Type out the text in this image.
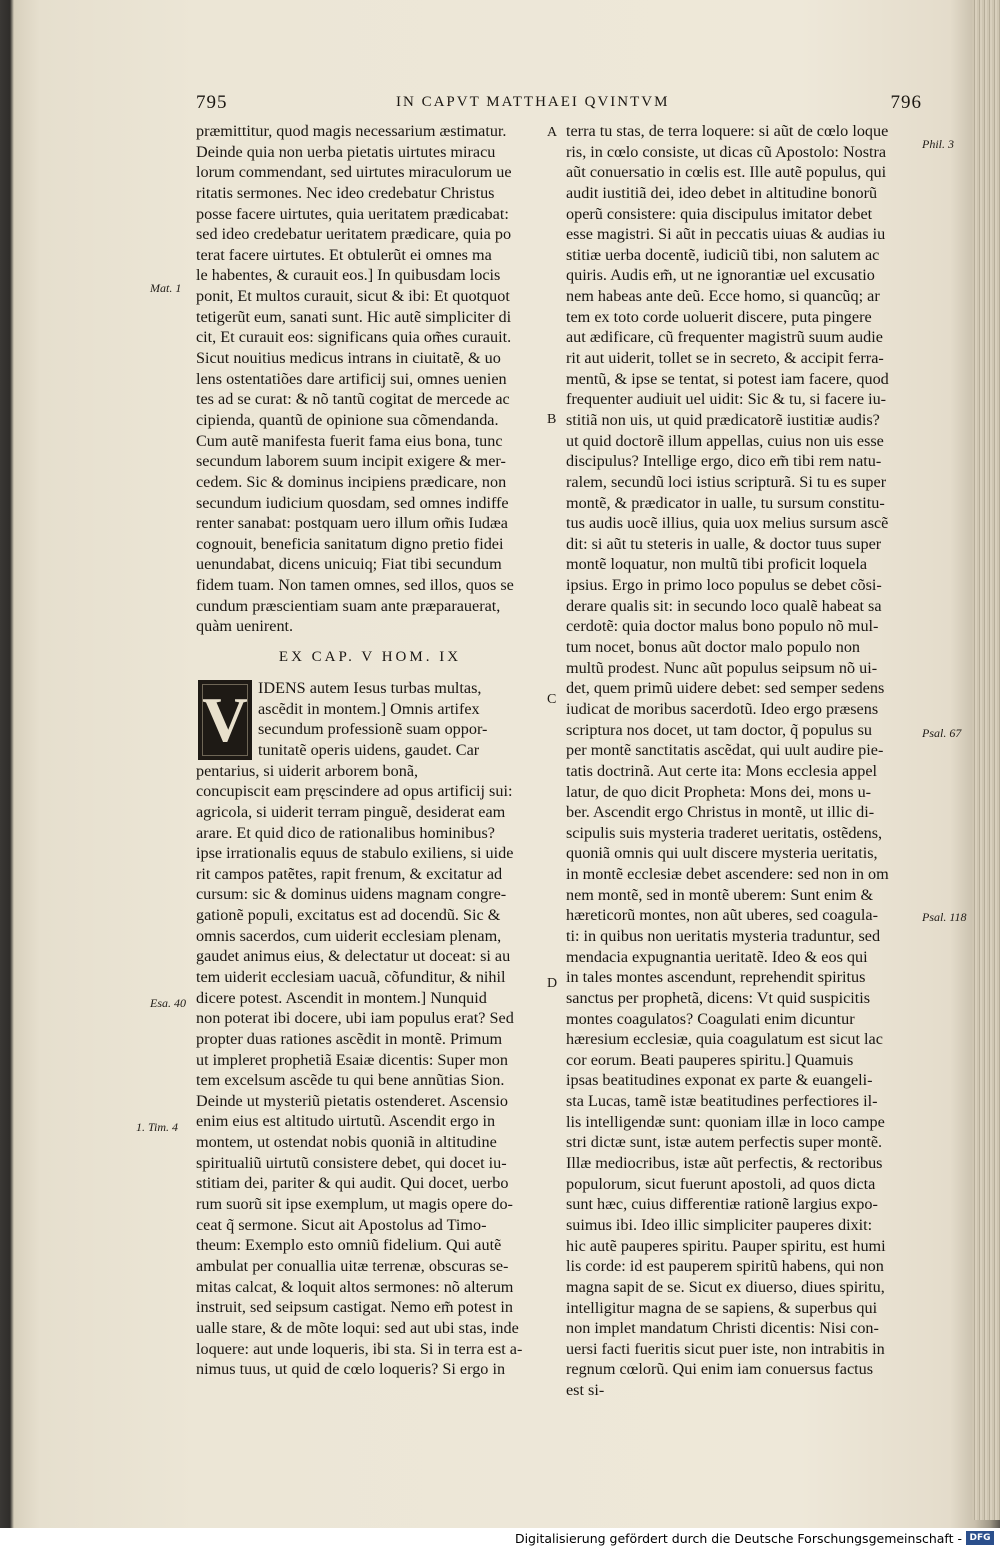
795	IN CAPVT MATTHAEI QVINTVM	796
præmittitur, quod magis necessarium æstimatur.
Deinde quia non uerba pietatis uirtutes miracu
lorum commendant, sed uirtutes miraculorum ue
ritatis sermones. Nec ideo credebatur Christus
posse facere uirtutes, quia ueritatem prædicabat:
sed ideo credebatur ueritatem prædicare, quia po
terat facere uirtutes. Et obtulerũt ei omnes ma
le habentes, & curauit eos.] In quibusdam locis
ponit, Et multos curauit, sicut & ibi: Et quotquot
tetigerũt eum, sanati sunt. Hic autẽ simpliciter di
cit, Et curauit eos: significans quia om̃es curauit.
Sicut nouitius medicus intrans in ciuitatẽ, & uo
lens ostentatiões dare artificij sui, omnes uenien
tes ad se curat: & nõ tantũ cogitat de mercede ac
cipienda, quantũ de opinione sua cõmendanda.
Cum autẽ manifesta fuerit fama eius bona, tunc
secundum laborem suum incipit exigere & mer-
cedem. Sic & dominus incipiens prædicare, non
secundum iudicium quosdam, sed omnes indiffe
renter sanabat: postquam uero illum om̃is Iudæa
cognouit, beneficia sanitatum digno pretio fidei
uenundabat, dicens unicuiq; Fiat tibi secundum
fidem tuam. Non tamen omnes, sed illos, quos se
cundum præscientiam suam ante præparauerat,
quàm uenirent.
EX CAP. V HOM. IX
V IDENS autem Iesus turbas multas,
ascẽdit in montem.] Omnis artifex
secundum professionẽ suam oppor-
tunitatẽ operis uidens, gaudet. Car
pentarius, si uiderit arborem bonã,
concupiscit eam pręscindere ad opus artificij sui:
agricola, si uiderit terram pinguẽ, desiderat eam
arare. Et quid dico de rationalibus hominibus?
ipse irrationalis equus de stabulo exiliens, si uide
rit campos patẽtes, rapit frenum, & excitatur ad
cursum: sic & dominus uidens magnam congre-
gationẽ populi, excitatus est ad docendũ. Sic &
omnis sacerdos, cum uiderit ecclesiam plenam,
gaudet animus eius, & delectatur ut doceat: si au
tem uiderit ecclesiam uacuã, cõfunditur, & nihil
dicere potest. Ascendit in montem.] Nunquid
non poterat ibi docere, ubi iam populus erat? Sed
propter duas rationes ascẽdit in montẽ. Primum
ut impleret prophetiã Esaiæ dicentis: Super mon
tem excelsum ascẽde tu qui bene annũtias Sion.
Deinde ut mysteriũ pietatis ostenderet. Ascensio
enim eius est altitudo uirtutũ. Ascendit ergo in
montem, ut ostendat nobis quoniã in altitudine
spiritualiũ uirtutũ consistere debet, qui docet iu-
stitiam dei, pariter & qui audit. Qui docet, uerbo
rum suorũ sit ipse exemplum, ut magis opere do-
ceat q̃ sermone. Sicut ait Apostolus ad Timo-
theum: Exemplo esto omniũ fidelium. Qui autẽ
ambulat per conuallia uitæ terrenæ, obscuras se-
mitas calcat, & loquit altos sermones: nõ alterum
instruit, sed seipsum castigat. Nemo em̃ potest in
ualle stare, & de mõte loqui: sed aut ubi stas, inde
loquere: aut unde loqueris, ibi sta. Si in terra est a-
nimus tuus, ut quid de cœlo loqueris? Si ergo in
terra tu stas, de terra loquere: si aũt de cœlo loque
ris, in cœlo consiste, ut dicas cũ Apostolo: Nostra
aũt conuersatio in cœlis est. Ille autẽ populus, qui
audit iustitiã dei, ideo debet in altitudine bonorũ
operũ consistere: quia discipulus imitator debet
esse magistri. Si aũt in peccatis uiuas & audias iu
stitiæ uerba docentẽ, iudiciũ tibi, non salutem ac
quiris. Audis em̃, ut ne ignorantiæ uel excusatio
nem habeas ante deũ. Ecce homo, si quancũq; ar
tem ex toto corde uoluerit discere, puta pingere
aut ædificare, cũ frequenter magistrũ suum audie
rit aut uiderit, tollet se in secreto, & accipit ferra-
mentũ, & ipse se tentat, si potest iam facere, quod
frequenter audiuit uel uidit: Sic & tu, si facere iu-
stitiã non uis, ut quid prædicatorẽ iustitiæ audis?
ut quid doctorẽ illum appellas, cuius non uis esse
discipulus? Intellige ergo, dico em̃ tibi rem natu-
ralem, secundũ loci istius scripturã. Si tu es super
montẽ, & prædicator in ualle, tu sursum constitu-
tus audis uocẽ illius, quia uox melius sursum ascẽ
dit: si aũt tu steteris in ualle, & doctor tuus super
montẽ loquatur, non multũ tibi proficit loquela
ipsius. Ergo in primo loco populus se debet cõsi-
derare qualis sit: in secundo loco qualẽ habeat sa
cerdotẽ: quia doctor malus bono populo nõ mul-
tum nocet, bonus aũt doctor malo populo non
multũ prodest. Nunc aũt populus seipsum nõ ui-
det, quem primũ uidere debet: sed semper sedens
iudicat de moribus sacerdotũ. Ideo ergo præsens
scriptura nos docet, ut tam doctor, q̃ populus su
per montẽ sanctitatis ascẽdat, qui uult audire pie-
tatis doctrinã. Aut certe ita: Mons ecclesia appel
latur, de quo dicit Propheta: Mons dei, mons u-
ber. Ascendit ergo Christus in montẽ, ut illic di-
scipulis suis mysteria traderet ueritatis, ostẽdens,
quoniã omnis qui uult discere mysteria ueritatis,
in montẽ ecclesiæ debet ascendere: sed non in om
nem montẽ, sed in montẽ uberem: Sunt enim &
hæreticorũ montes, non aũt uberes, sed coagula-
ti: in quibus non ueritatis mysteria traduntur, sed
mendacia expugnantia ueritatẽ. Ideo & eos qui
in tales montes ascendunt, reprehendit spiritus
sanctus per prophetã, dicens: Vt quid suspicitis
montes coagulatos? Coagulati enim dicuntur
hæresium ecclesiæ, quia coagulatum est sicut lac
cor eorum. Beati pauperes spiritu.] Quamuis
ipsas beatitudines exponat ex parte & euangeli-
sta Lucas, tamẽ istæ beatitudines perfectiores il-
lis intelligendæ sunt: quoniam illæ in loco campe
stri dictæ sunt, istæ autem perfectis super montẽ.
Illæ mediocribus, istæ aũt perfectis, & rectoribus
populorum, sicut fuerunt apostoli, ad quos dicta
sunt hæc, cuius differentiæ rationẽ largius expo-
suimus ibi. Ideo illic simpliciter pauperes dixit:
hic autẽ pauperes spiritu. Pauper spiritu, est humi
lis corde: id est pauperem spiritũ habens, qui non
magna sapit de se. Sicut ex diuerso, diues spiritu,
intelligitur magna de se sapiens, & superbus qui
non implet mandatum Christi dicentis: Nisi con-
uersi facti fueritis sicut puer iste, non intrabitis in
regnum cœlorũ. Qui enim iam conuersus factus
est si-
Mat. 1
Esa. 40
1. Tim. 4
Phil. 3
Psal. 67
Psal. 118
A
B
C
D
Digitalisierung gefördert durch die Deutsche Forschungsgemeinschaft - DFG
